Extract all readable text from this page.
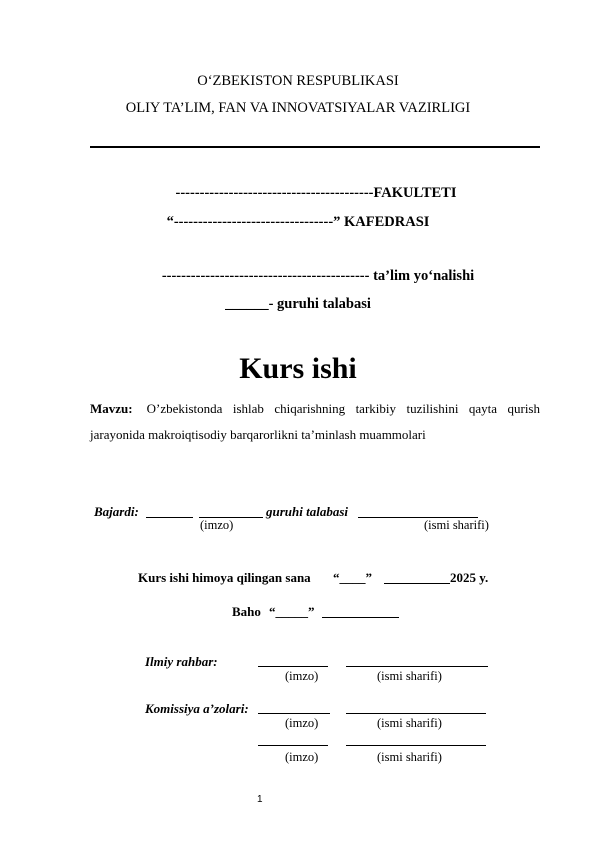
O‘ZBEKISTON RESPUBLIKASI
OLIY TA’LIM, FAN VA INNOVATSIYALAR VAZIRLIGI
-----------------------------------------FAKULTETI
“---------------------------------” KAFEDRASI
------------------------------------------- ta’lim yo‘nalishi
______- guruhi talabasi
Kurs ishi
Mavzu: O’zbekistonda ishlab chiqarishning tarkibiy tuzilishini qayta qurish
jarayonida makroiqtisodiy barqarorlikni ta’minlash muammolari
Bajardi:	guruhi talabasi
(imzo)	(ismi sharifi)
Kurs ishi himoya qilingan sana “____”	2025 y.
Baho “_____”
Ilmiy rahbar:
(imzo)	(ismi sharifi)
Komissiya a’zolari:
(imzo)	(ismi sharifi)
(imzo)	(ismi sharifi)
1
